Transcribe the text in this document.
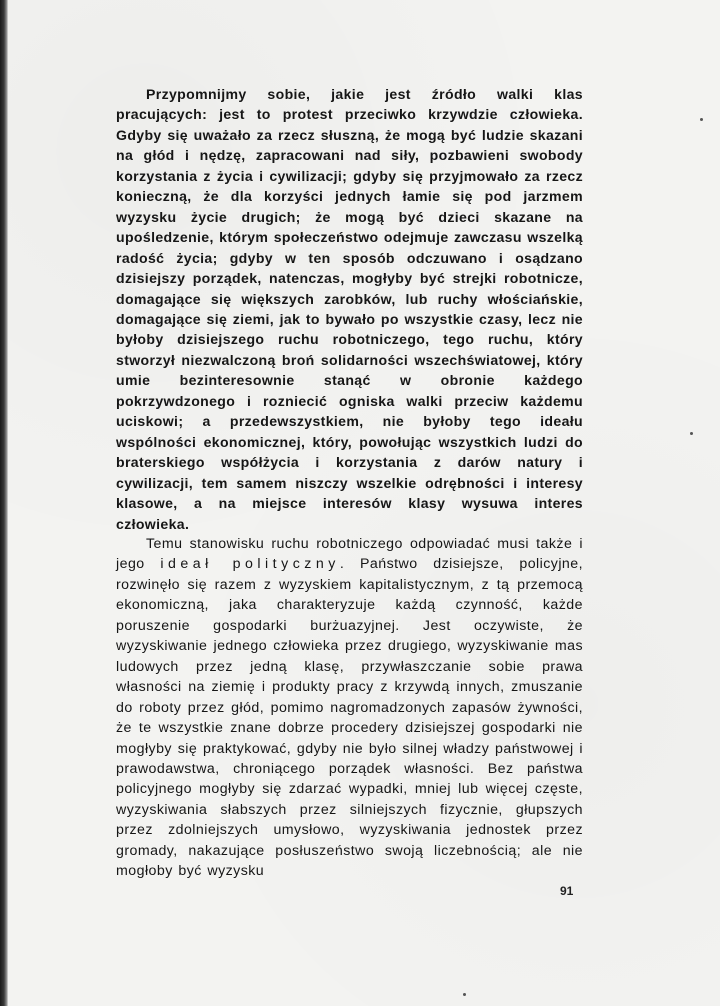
Przypomnijmy sobie, jakie jest źródło walki klas pracujących: jest to protest przeciwko krzywdzie człowieka. Gdyby się uważało za rzecz słuszną, że mogą być ludzie skazani na głód i nędzę, zapracowani nad siły, pozbawieni swobody korzystania z życia i cywilizacji; gdyby się przyjmowało za rzecz konieczną, że dla korzyści jednych łamie się pod jarzmem wyzysku życie drugich; że mogą być dzieci skazane na upośledzenie, którym społeczeństwo odejmuje zawczasu wszelką radość życia; gdyby w ten sposób odczuwano i osądzano dzisiejszy porządek, natenczas, mogłyby być strejki robotnicze, domagające się większych zarobków, lub ruchy włościańskie, domagające się ziemi, jak to bywało po wszystkie czasy, lecz nie byłoby dzisiejszego ruchu robotniczego, tego ruchu, który stworzył niezwalczoną broń solidarności wszechświatowej, który umie bezinteresownie stanąć w obronie każdego pokrzywdzonego i rozniecić ogniska walki przeciw każdemu uciskowi; a przedewszystkiem, nie byłoby tego ideału wspólności ekonomicznej, który, powołując wszystkich ludzi do braterskiego współżycia i korzystania z darów natury i cywilizacji, tem samem niszczy wszelkie odrębności i interesy klasowe, a na miejsce interesów klasy wysuwa interes człowieka.

Temu stanowisku ruchu robotniczego odpowiadać musi także i jego ideał polityczny. Państwo dzisiejsze, policyjne, rozwinęło się razem z wyzyskiem kapitalistycznym, z tą przemocą ekonomiczną, jaka charakteryzuje każdą czynność, każde poruszenie gospodarki burżuazyjnej. Jest oczywiste, że wyzyskiwanie jednego człowieka przez drugiego, wyzyskiwanie mas ludowych przez jedną klasę, przywłaszczanie sobie prawa własności na ziemię i produkty pracy z krzywdą innych, zmuszanie do roboty przez głód, pomimo nagromadzonych zapasów żywności, że te wszystkie znane dobrze procedery dzisiejszej gospodarki nie mogłyby się praktykować, gdyby nie było silnej władzy państwowej i prawodawstwa, chroniącego porządek własności. Bez państwa policyjnego mogłyby się zdarzać wypadki, mniej lub więcej częste, wyzyskiwania słabszych przez silniejszych fizycznie, głupszych przez zdolniejszych umysłowo, wyzyskiwania jednostek przez gromady, nakazujące posłuszeństwo swoją liczebnością; ale nie mogłoby być wyzysku

91
